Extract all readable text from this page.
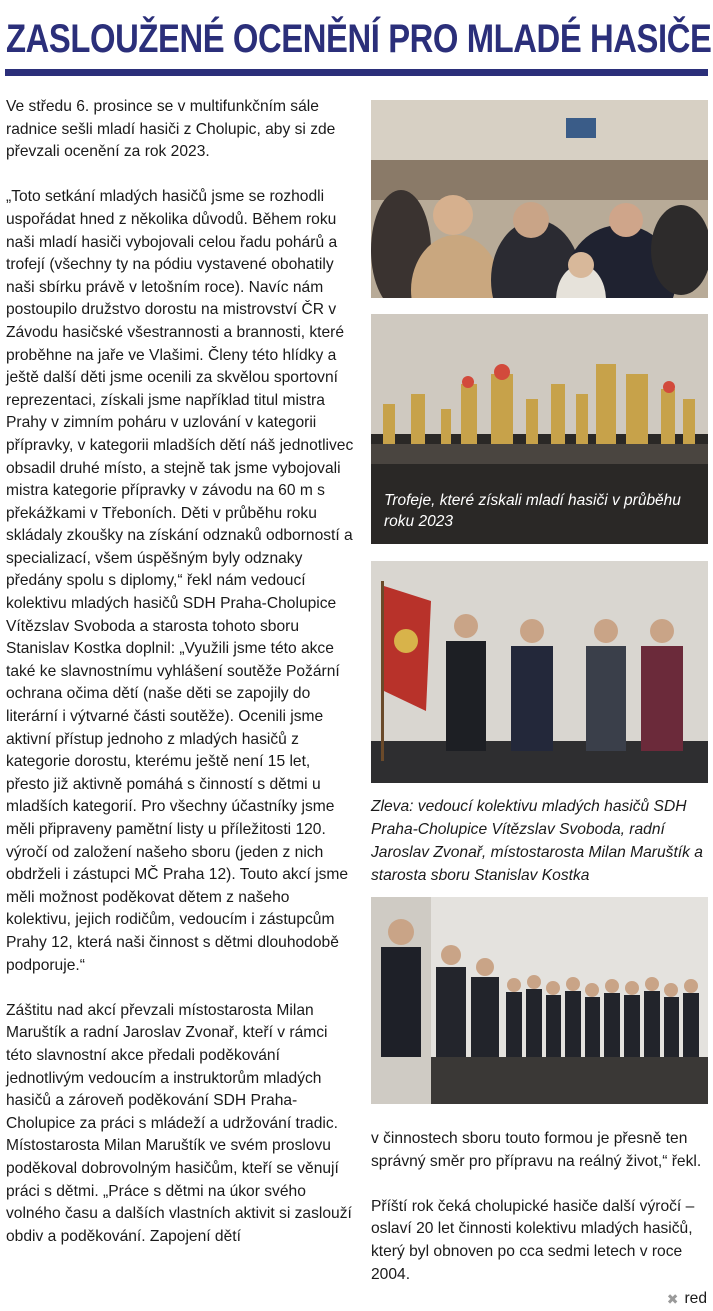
ZASLOUŽENÉ OCENĚNÍ PRO MLADÉ HASIČE

Ve středu 6. prosince se v multifunkčním sále radnice sešli mladí hasiči z Cholupic, aby si zde převzali ocenění za rok 2023.

„Toto setkání mladých hasičů jsme se rozhodli uspořádat hned z několika důvodů. Během roku naši mladí hasiči vybojovali celou řadu pohárů a trofejí (všechny ty na pódiu vystavené obohatily naši sbírku právě v letošním roce). Navíc nám postoupilo družstvo dorostu na mistrovství ČR v Závodu hasičské všestrannosti a brannosti, které proběhne na jaře ve Vlašimi. Členy této hlídky a ještě další děti jsme ocenili za skvělou sportovní reprezentaci, získali jsme například titul mistra Prahy v zimním poháru v uzlování v kategorii přípravky, v kategorii mladších dětí náš jednotlivec obsadil druhé místo, a stejně tak jsme vybojovali mistra kategorie přípravky v závodu na 60 m s překážkami v Třeboních. Děti v průběhu roku skládaly zkoušky na získání odznaků odborností a specializací, všem úspěšným byly odznaky předány spolu s diplomy,“ řekl nám vedoucí kolektivu mladých hasičů SDH Praha-Cholupice Vítězslav Svoboda a starosta tohoto sboru Stanislav Kostka doplnil: „Využili jsme této akce také ke slavnostnímu vyhlášení soutěže Požární ochrana očima dětí (naše děti se zapojily do literární i výtvarné části soutěže). Ocenili jsme aktivní přístup jednoho z mladých hasičů z kategorie dorostu, kterému ještě není 15 let, přesto již aktivně pomáhá s činností s dětmi u mladších kategorií. Pro všechny účastníky jsme měli připraveny pamětní listy u příležitosti 120. výročí od založení našeho sboru (jeden z nich obdrželi i zástupci MČ Praha 12). Touto akcí jsme měli možnost poděkovat dětem z našeho kolektivu, jejich rodičům, vedoucím i zástupcům Prahy 12, která naši činnost s dětmi dlouhodobě podporuje.“

Záštitu nad akcí převzali místostarosta Milan Maruštík a radní Jaroslav Zvonař, kteří v rámci této slavnostní akce předali poděkování jednotlivým vedoucím a instruktorům mladých hasičů a zároveň poděkování SDH Praha-Cholupice za práci s mládeží a udržování tradic. Místostarosta Milan Maruštík ve svém proslovu poděkoval dobrovolným hasičům, kteří se věnují práci s dětmi. „Práce s dětmi na úkor svého volného času a dalších vlastních aktivit si zaslouží obdiv a poděkování. Zapojení dětí

Trofeje, které získali mladí hasiči v průběhu roku 2023
Zleva: vedoucí kolektivu mladých hasičů SDH Praha-Cholupice Vítězslav Svoboda, radní Jaroslav Zvonař, místostarosta Milan Maruštík a starosta sboru Stanislav Kostka

v činnostech sboru touto formou je přesně ten správný směr pro přípravu na reálný život,“ řekl.

Příští rok čeká cholupické hasiče další výročí – oslaví 20 let činnosti kolektivu mladých hasičů, který byl obnoven po cca sedmi letech v roce 2004.

✖ red
